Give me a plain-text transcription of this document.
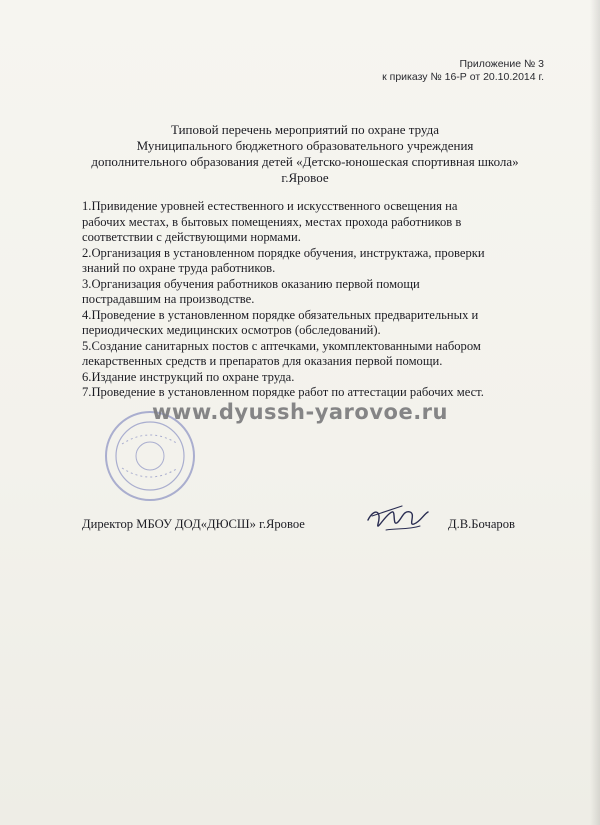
Приложение № 3
к приказу № 16-Р от 20.10.2014 г.
Типовой перечень мероприятий по охране труда
Муниципального бюджетного образовательного учреждения
дополнительного образования детей «Детско-юношеская спортивная школа»
г.Яровое

1.Привидение уровней естественного и искусственного освещения на

рабочих местах, в бытовых помещениях, местах прохода работников в

соответствии с действующими нормами.

2.Организация в установленном порядке обучения, инструктажа, проверки

знаний по охране труда работников.

3.Организация обучения работников оказанию первой помощи

пострадавшим на производстве.

4.Проведение в установленном порядке обязательных предварительных и

периодических медицинских осмотров (обследований).

5.Создание санитарных постов с аптечками, укомплектованными набором

лекарственных средств и препаратов для оказания первой помощи.

6.Издание инструкций по охране труда.

7.Проведение в установленном порядке работ по аттестации рабочих мест.

www.dyussh-yarovoe.ru
Директор МБОУ ДОД«ДЮСШ» г.Яровое	Д.В.Бочаров
